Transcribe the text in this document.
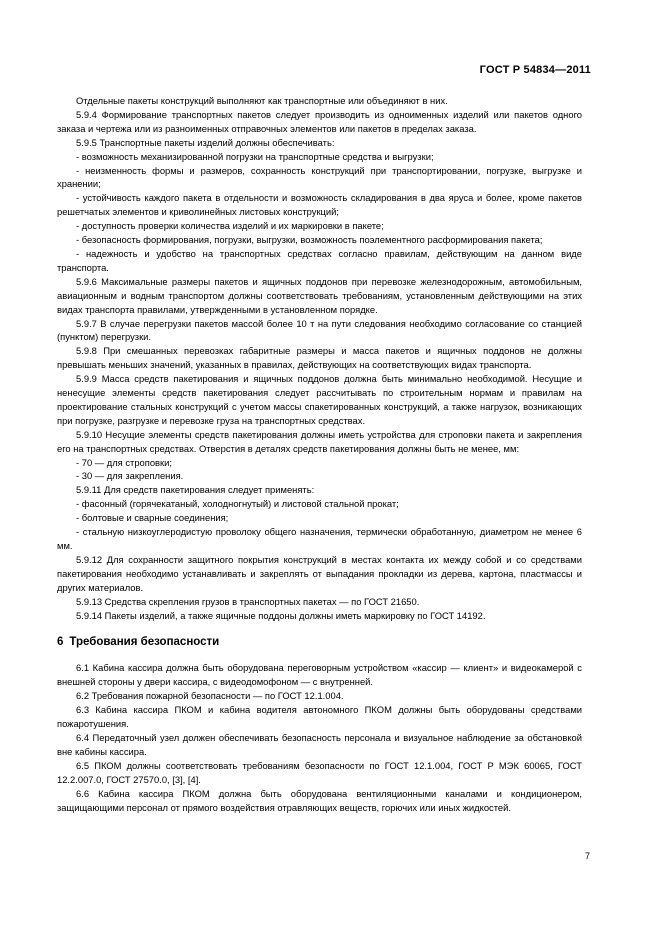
ГОСТ Р 54834—2011

Отдельные пакеты конструкций выполняют как транспортные или объединяют в них.

5.9.4 Формирование транспортных пакетов следует производить из одноименных изделий или пакетов одного заказа и чертежа или из разноименных отправочных элементов или пакетов в пределах заказа.

5.9.5 Транспортные пакеты изделий должны обеспечивать:

- возможность механизированной погрузки на транспортные средства и выгрузки;

- неизменность формы и размеров, сохранность конструкций при транспортировании, погрузке, выгрузке и хранении;

- устойчивость каждого пакета в отдельности и возможность складирования в два яруса и более, кроме пакетов решетчатых элементов и криволинейных листовых конструкций;

- доступность проверки количества изделий и их маркировки в пакете;

- безопасность формирования, погрузки, выгрузки, возможность поэлементного расформирования пакета;

- надежность и удобство на транспортных средствах согласно правилам, действующим на данном виде транспорта.

5.9.6 Максимальные размеры пакетов и ящичных поддонов при перевозке железнодорожным, автомобильным, авиационным и водным транспортом должны соответствовать требованиям, установленным действующими на этих видах транспорта правилами, утвержденными в установленном порядке.

5.9.7 В случае перегрузки пакетов массой более 10 т на пути следования необходимо согласование со станцией (пунктом) перегрузки.

5.9.8 При смешанных перевозках габаритные размеры и масса пакетов и ящичных поддонов не должны превышать меньших значений, указанных в правилах, действующих на соответствующих видах транспорта.

5.9.9 Масса средств пакетирования и ящичных поддонов должна быть минимально необходимой. Несущие и ненесущие элементы средств пакетирования следует рассчитывать по строительным нормам и правилам на проектирование стальных конструкций с учетом массы спакетированных конструкций, а также нагрузок, возникающих при погрузке, разгрузке и перевозке груза на транспортных средствах.

5.9.10 Несущие элементы средств пакетирования должны иметь устройства для строповки пакета и закрепления его на транспортных средствах. Отверстия в деталях средств пакетирования должны быть не менее, мм:

- 70 — для строповки;

- 30 — для закрепления.

5.9.11 Для средств пакетирования следует применять:

- фасонный (горячекатаный, холодногнутый) и листовой стальной прокат;

- болтовые и сварные соединения;

- стальную низкоуглеродистую проволоку общего назначения, термически обработанную, диаметром не менее 6 мм.

5.9.12 Для сохранности защитного покрытия конструкций в местах контакта их между собой и со средствами пакетирования необходимо устанавливать и закреплять от выпадания прокладки из дерева, картона, пластмассы и других материалов.

5.9.13 Средства скрепления грузов в транспортных пакетах — по ГОСТ 21650.

5.9.14 Пакеты изделий, а также ящичные поддоны должны иметь маркировку по ГОСТ 14192.

6 Требования безопасности

6.1 Кабина кассира должна быть оборудована переговорным устройством «кассир — клиент» и видеокамерой с внешней стороны у двери кассира, с видеодомофоном — с внутренней.

6.2 Требования пожарной безопасности — по ГОСТ 12.1.004.

6.3 Кабина кассира ПКОМ и кабина водителя автономного ПКОМ должны быть оборудованы средствами пожаротушения.

6.4 Передаточный узел должен обеспечивать безопасность персонала и визуальное наблюдение за обстановкой вне кабины кассира.

6.5 ПКОМ должны соответствовать требованиям безопасности по ГОСТ 12.1.004, ГОСТ Р МЭК 60065, ГОСТ 12.2.007.0, ГОСТ 27570.0, [3], [4].

6.6 Кабина кассира ПКОМ должна быть оборудована вентиляционными каналами и кондиционером, защищающими персонал от прямого воздействия отравляющих веществ, горючих или иных жидкостей.

7
